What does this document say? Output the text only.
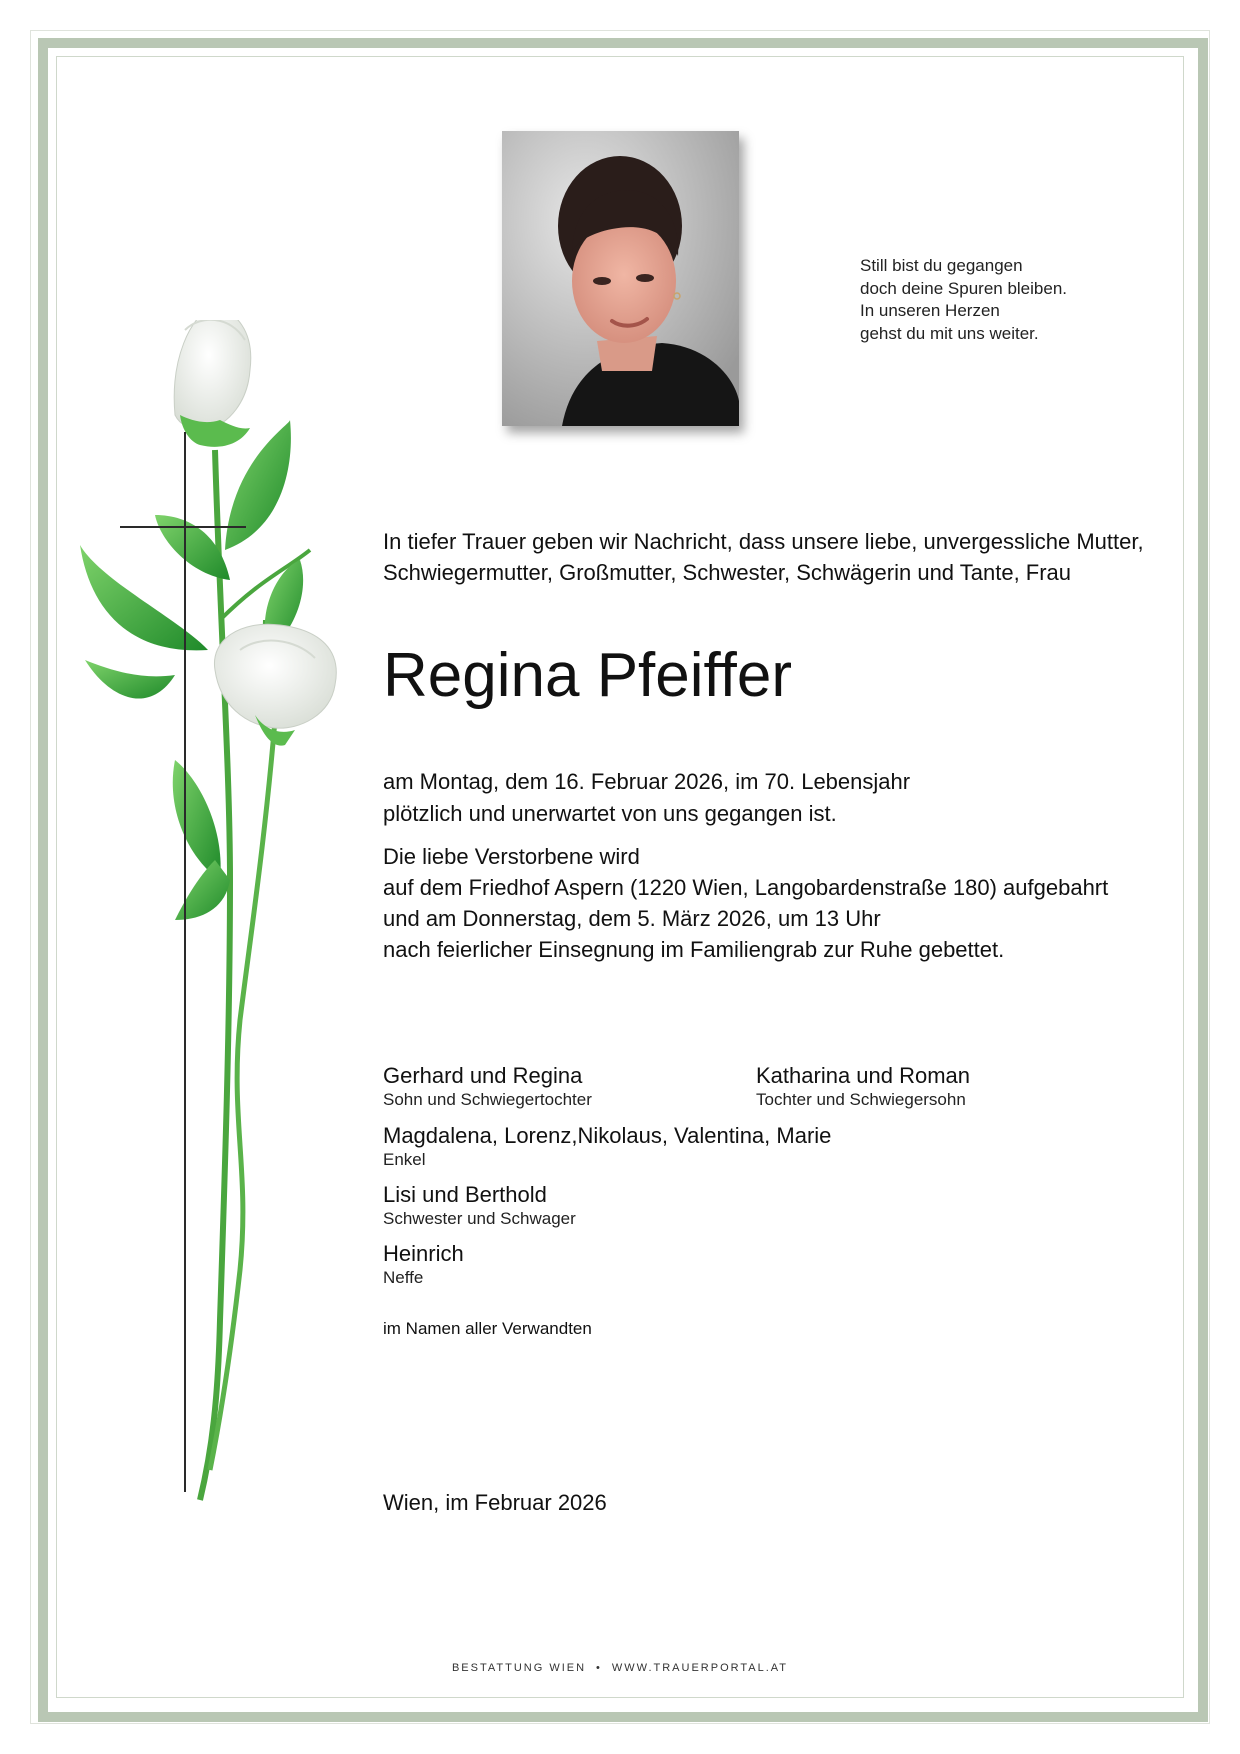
Still bist du gegangen
doch deine Spuren bleiben.
In unseren Herzen
gehst du mit uns weiter.
In tiefer Trauer geben wir Nachricht, dass unsere liebe, unvergessliche Mutter,
Schwiegermutter, Großmutter, Schwester, Schwägerin und Tante, Frau
Regina Pfeiffer
am Montag, dem 16. Februar 2026, im 70. Lebensjahr
plötzlich und unerwartet von uns gegangen ist.
Die liebe Verstorbene wird
auf dem Friedhof Aspern (1220 Wien, Langobardenstraße 180) aufgebahrt
und am Donnerstag, dem 5. März 2026, um 13 Uhr
nach feierlicher Einsegnung im Familiengrab zur Ruhe gebettet.
Gerhard und Regina
Sohn und Schwiegertochter
Katharina und Roman
Tochter und Schwiegersohn
Magdalena, Lorenz,Nikolaus, Valentina, Marie
Enkel
Lisi und Berthold
Schwester und Schwager
Heinrich
Neffe
im Namen aller Verwandten
Wien, im Februar 2026
BESTATTUNG WIEN • WWW.TRAUERPORTAL.AT
